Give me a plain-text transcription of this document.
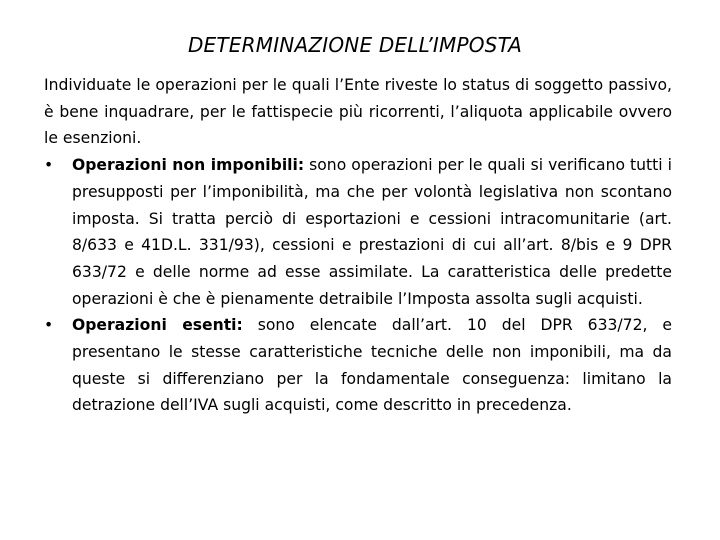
DETERMINAZIONE DELL’IMPOSTA

Individuate le operazioni per le quali l’Ente riveste lo status di soggetto passivo, è bene inquadrare, per le fattispecie più ricorrenti, l’aliquota applicabile ovvero le esenzioni.

•	Operazioni non imponibili: sono operazioni per le quali si verificano tutti i presupposti per l’imponibilità, ma che per volontà legislativa non scontano imposta. Si tratta perciò di esportazioni e cessioni intracomunitarie (art. 8/633 e 41D.L. 331/93), cessioni e prestazioni di cui all’art. 8/bis e 9 DPR 633/72 e delle norme ad esse assimilate. La caratteristica delle predette operazioni è che è pienamente detraibile l’Imposta assolta sugli acquisti.
•	Operazioni esenti: sono elencate dall’art. 10 del DPR 633/72, e presentano le stesse caratteristiche tecniche delle non imponibili, ma da queste si differenziano per la fondamentale conseguenza: limitano la detrazione dell’IVA sugli acquisti, come descritto in precedenza.
